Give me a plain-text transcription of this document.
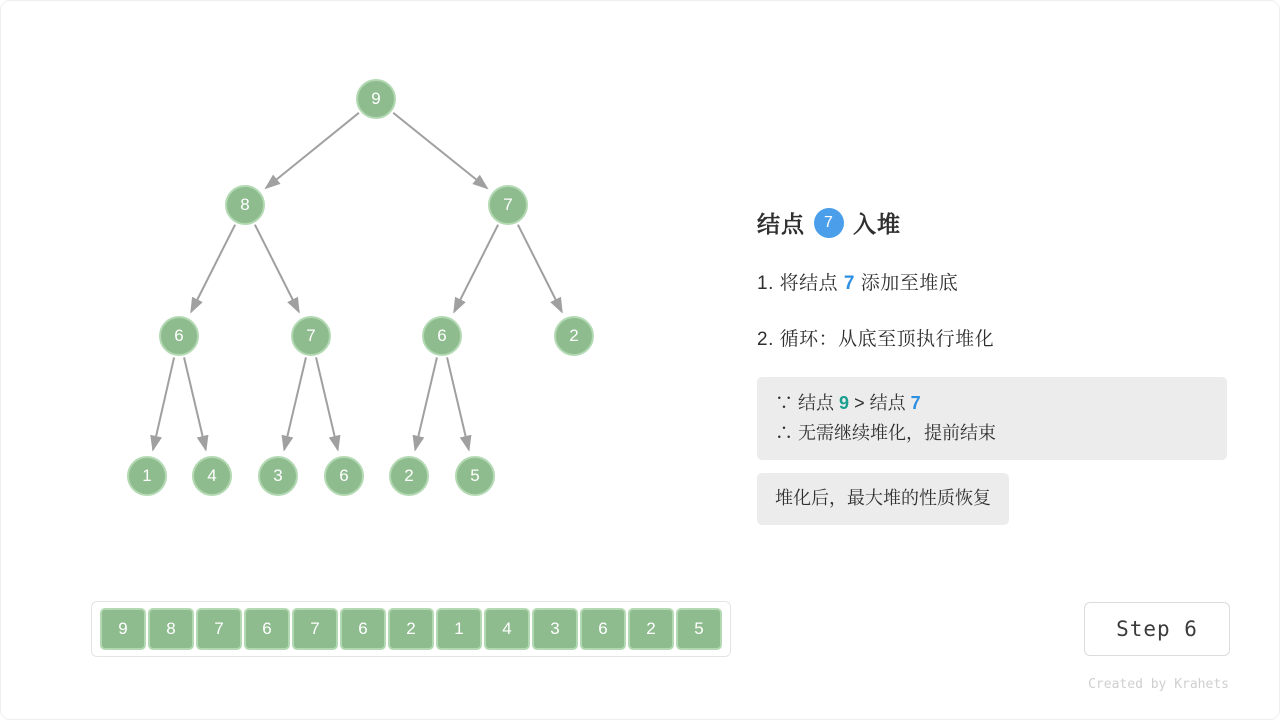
9
8	7
6	7	6	2
1	4	3	6	2	5
9	8	7	6	7	6	2	1	4	3	6	2	5
结点	7 入堆
1. 将结点 7 添加至堆底
2. 循环：从底至顶执行堆化
∵ 结点 9 > 结点 7
∴ 无需继续堆化，提前结束
堆化后，最大堆的性质恢复
Step 6
Created by Krahets
